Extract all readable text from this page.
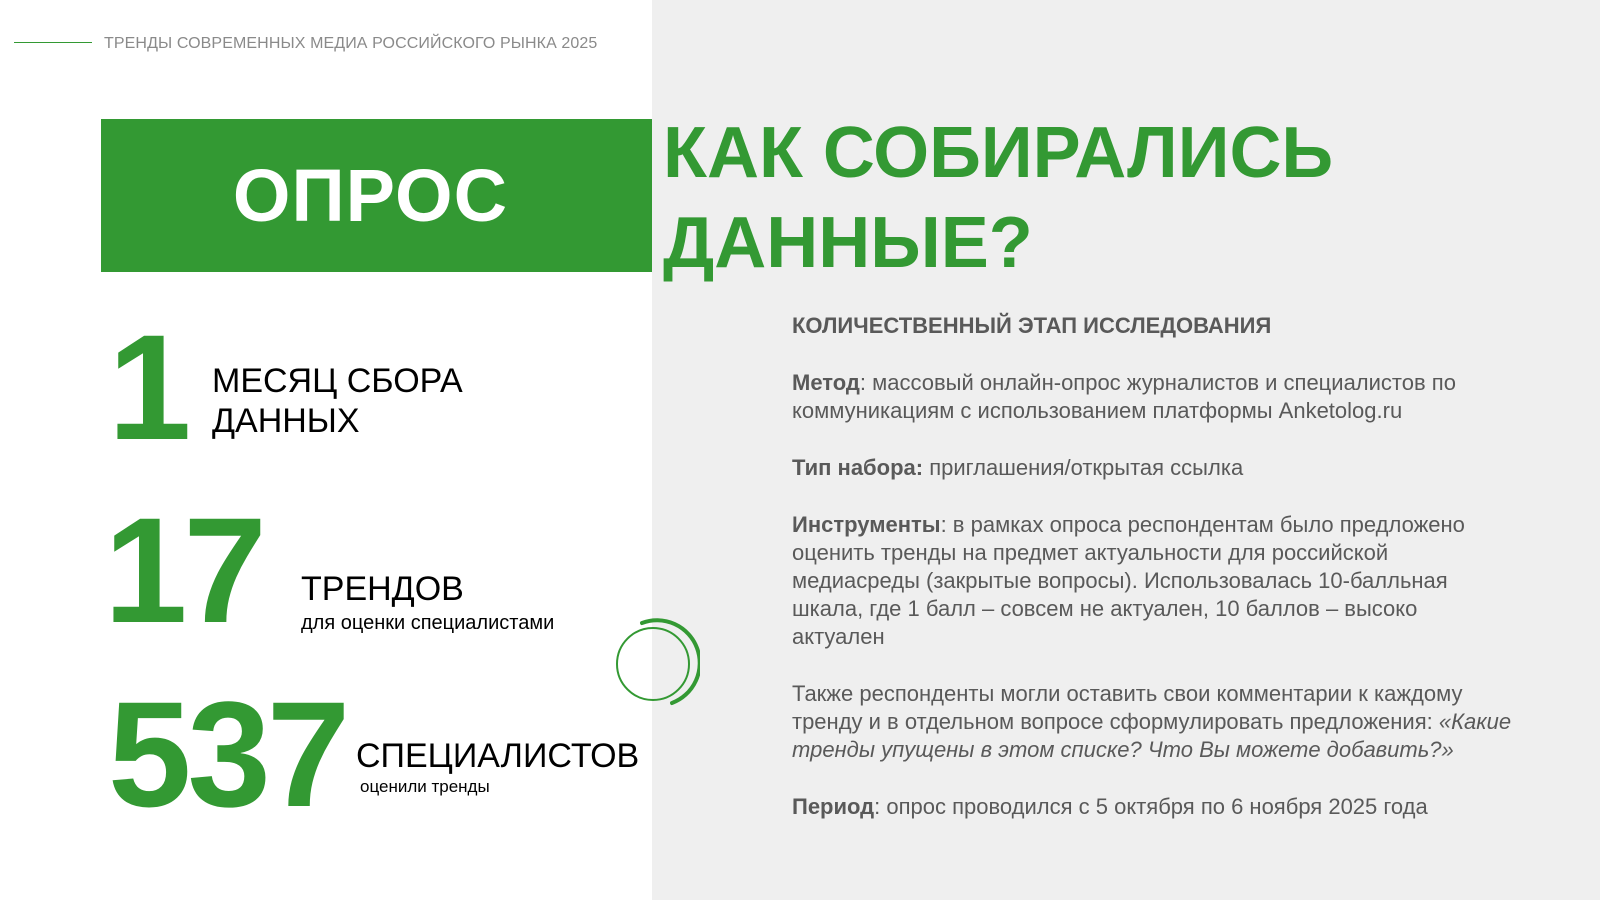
ТРЕНДЫ СОВРЕМЕННЫХ МЕДИА РОССИЙСКОГО РЫНКА 2025
ОПРОС
КАК СОБИРАЛИСЬ
ДАННЫЕ?
1 МЕСЯЦ СБОРА
ДАННЫХ
17 ТРЕНДОВ
для оценки специалистами
537 СПЕЦИАЛИСТОВ
оценили тренды

КОЛИЧЕСТВЕННЫЙ ЭТАП ИССЛЕДОВАНИЯ

Метод: массовый онлайн-опрос журналистов и специалистов по коммуникациям с использованием платформы Anketolog.ru

Тип набора: приглашения/открытая ссылка

Инструменты: в рамках опроса респондентам было предложено оценить тренды на предмет актуальности для российской медиасреды (закрытые вопросы). Использовалась 10-балльная шкала, где 1 балл – совсем не актуален, 10 баллов – высоко актуален

Также респонденты могли оставить свои комментарии к каждому тренду и в отдельном вопросе сформулировать предложения: «Какие тренды упущены в этом списке? Что Вы можете добавить?»

Период: опрос проводился с 5 октября по 6 ноября 2025 года
